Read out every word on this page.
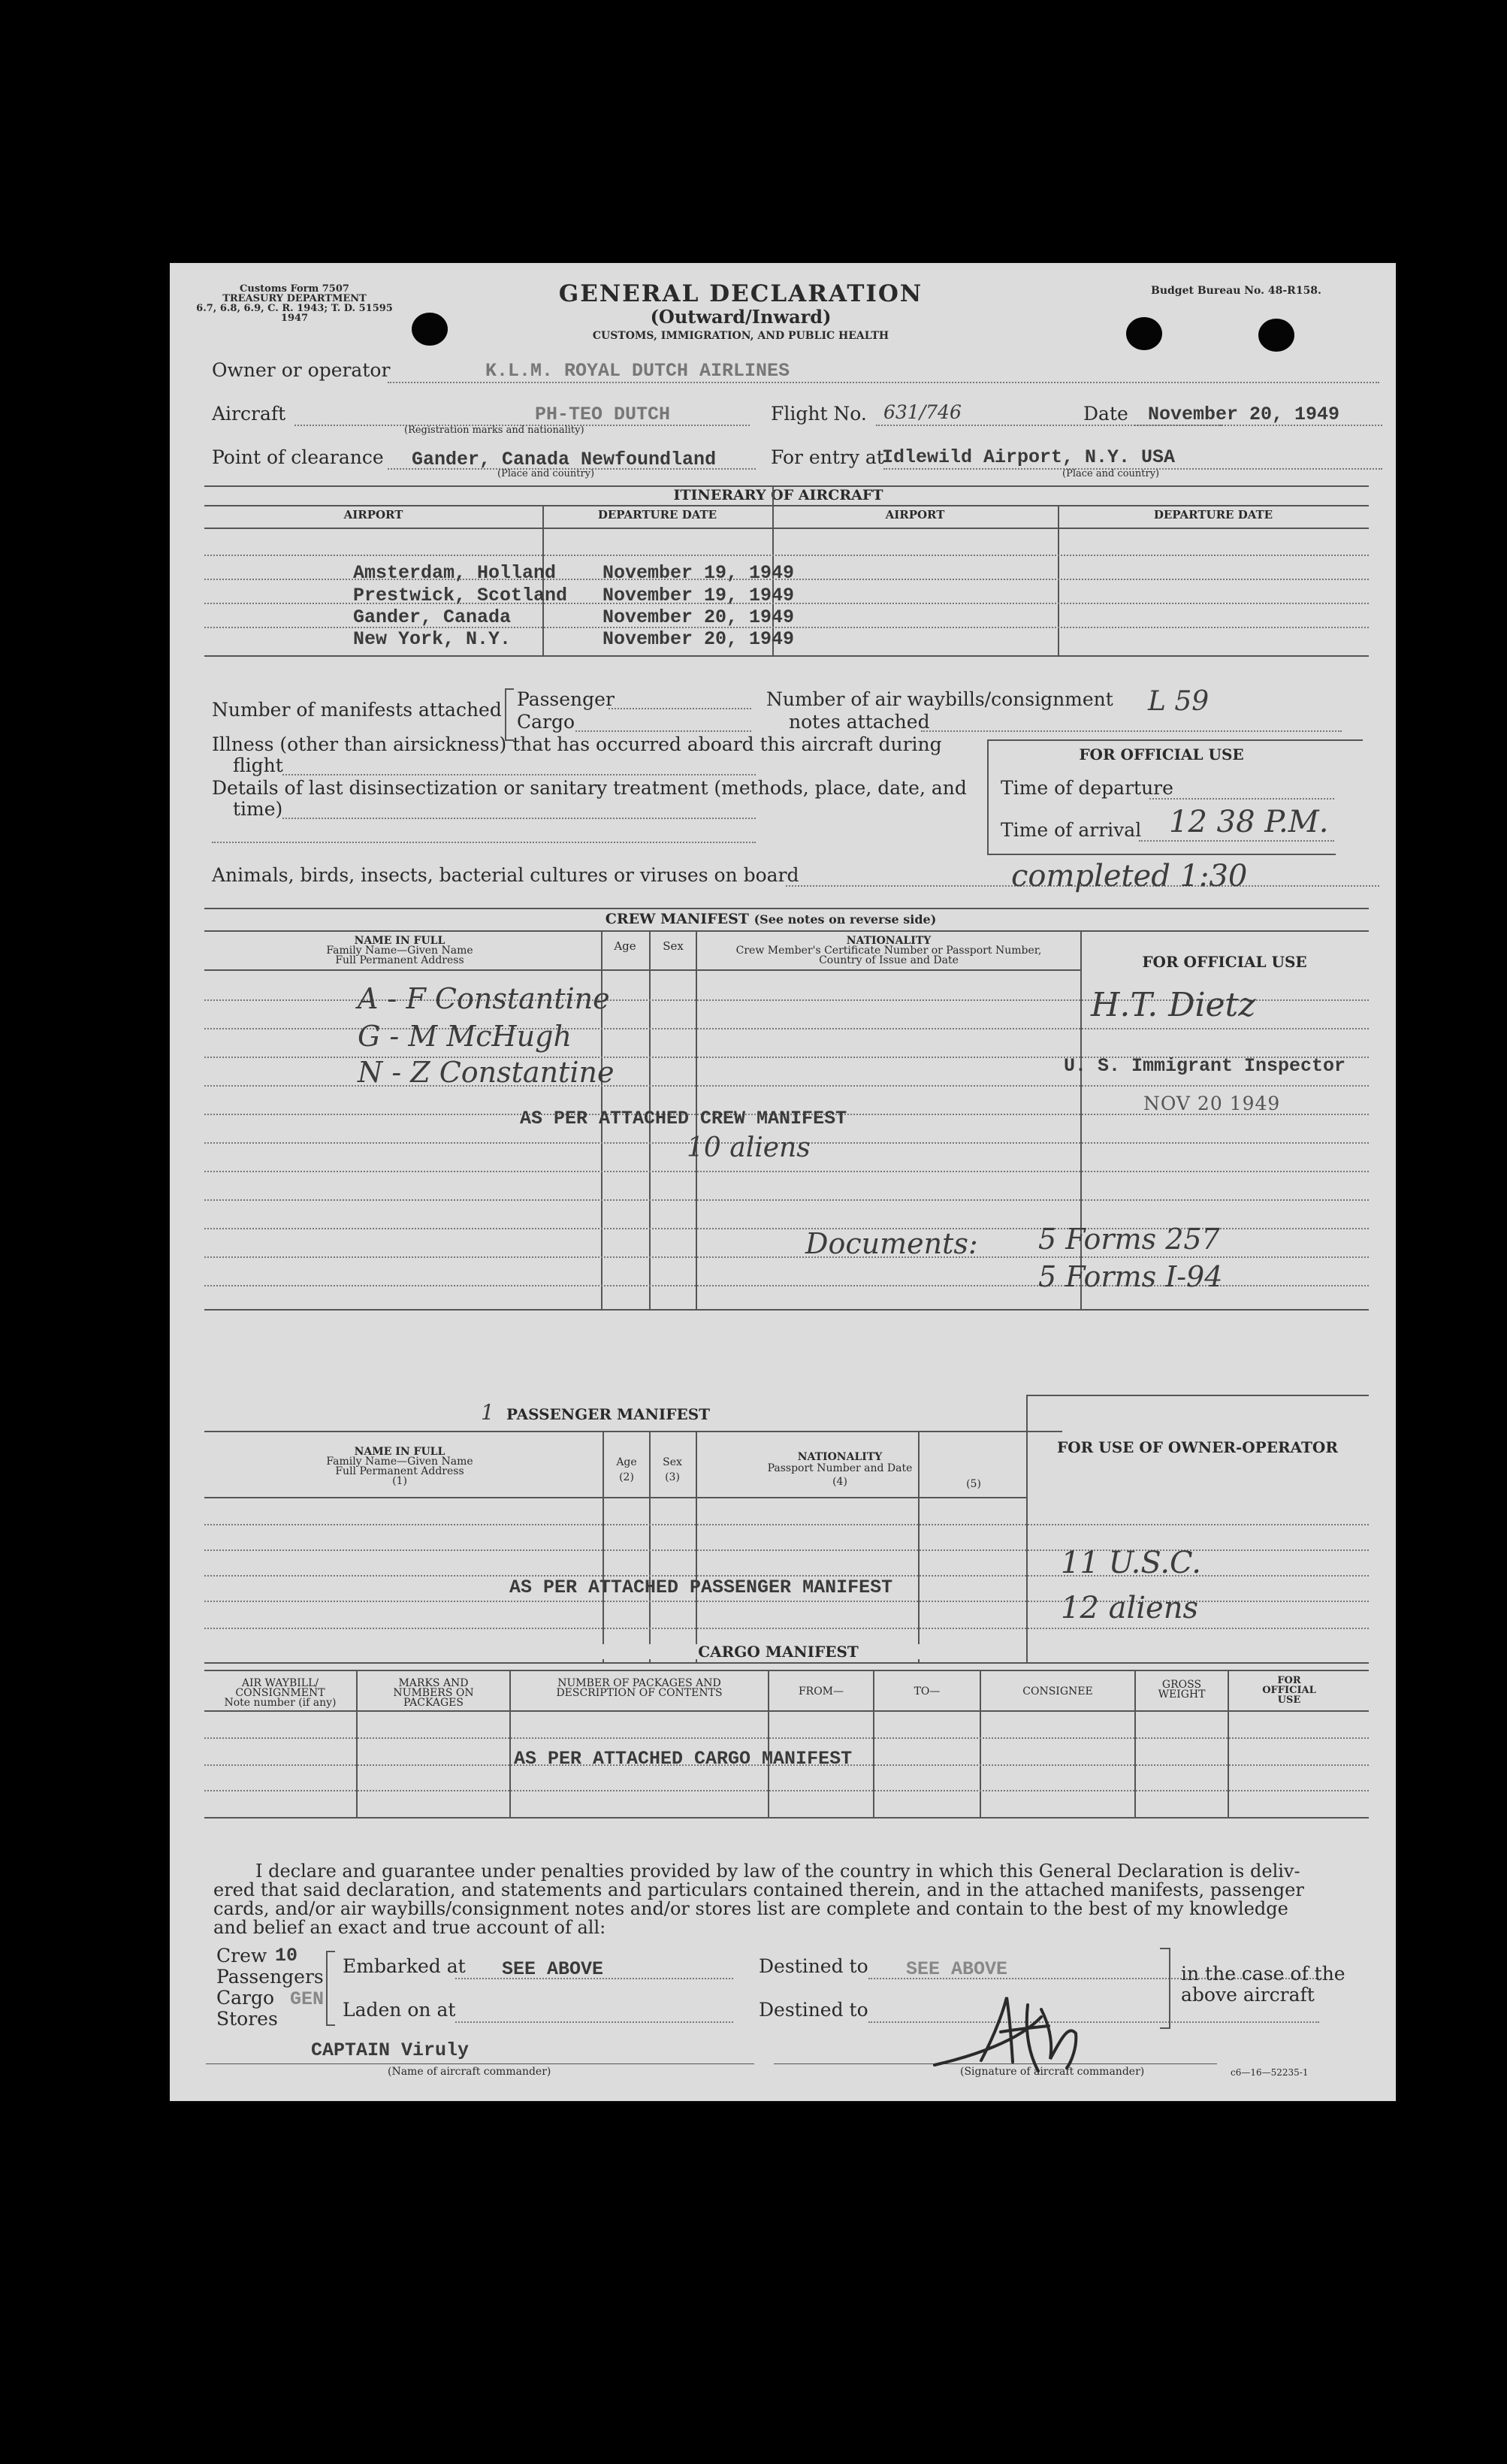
Customs Form 7507
TREASURY DEPARTMENT
6.7, 6.8, 6.9, C. R. 1943; T. D. 51595
1947
GENERAL DECLARATION
(Outward/Inward)
CUSTOMS, IMMIGRATION, AND PUBLIC HEALTH
Budget Bureau No. 48-R158.
Owner or operator	K.L.M. ROYAL DUTCH AIRLINES
Aircraft	PH-TEO DUTCH
(Registration marks and nationality)
Flight No. 631/746	Date November 20, 1949
Point of clearance Gander, Canada Newfoundland
(Place and country)
For entry at
Idlewild Airport, N.Y. USA
(Place and country)
ITINERARY OF AIRCRAFT
AIRPORT	DEPARTURE DATE	AIRPORT	DEPARTURE DATE
Amsterdam, Holland November 19, 1949
Prestwick, Scotland November 19, 1949
Gander, Canada	November 20, 1949
New York, N.Y.	November 20, 1949
Number of manifests attached Passenger
Cargo
Number of air waybills/consignment
notes attached
L 59
Illness (other than airsickness) that has occurred aboard this aircraft during
flight
Details of last disinsectization or sanitary treatment (methods, place, date, and
time)
FOR OFFICIAL USE
Time of departure
Time of arrival 12 38 P.M.
Animals, birds, insects, bacterial cultures or viruses on board	completed 1:30
CREW MANIFEST (See notes on reverse side)
NAME IN FULL
Family Name—Given Name
Full Permanent Address
Age	Sex	NATIONALITY
Crew Member's Certificate Number or Passport Number,
Country of Issue and Date	FOR OFFICIAL USE
A - F Constantine
G - M McHugh
N - Z Constantine
AS PER ATTACHED CREW MANIFEST
10 aliens
Documents: 5 Forms 257
5 Forms I-94
H.T. Dietz
U. S. Immigrant Inspector
NOV 20 1949
1 PASSENGER MANIFEST
NAME IN FULL
Family Name—Given Name
Full Permanent Address
(1)
Age
(2)
Sex
(3)
NATIONALITY
Passport Number and Date
(4)	(5)
FOR USE OF OWNER-OPERATOR
AS PER ATTACHED PASSENGER MANIFEST
11 U.S.C.
12 aliens
CARGO MANIFEST
AIR WAYBILL/
CONSIGNMENT
Note number (if any)
MARKS AND
NUMBERS ON
PACKAGES
NUMBER OF PACKAGES AND
DESCRIPTION OF CONTENTS	FROM—	TO—	CONSIGNEE
GROSS
WEIGHT
FOR
OFFICIAL
USE
AS PER ATTACHED CARGO MANIFEST
I declare and guarantee under penalties provided by law of the country in which this General Declaration is deliv-
ered that said declaration, and statements and particulars contained therein, and in the attached manifests, passenger
cards, and/or air waybills/consignment notes and/or stores list are complete and contain to the best of my knowledge
and belief an exact and true account of all:
Crew 10
Passengers
Cargo GEN
Stores
Embarked at SEE ABOVE
Laden on at
Destined to SEE ABOVE
Destined to
in the case of the
above aircraft
CAPTAIN Viruly
(Name of aircraft commander)	(Signature of aircraft commander)	c6—16—52235-1
